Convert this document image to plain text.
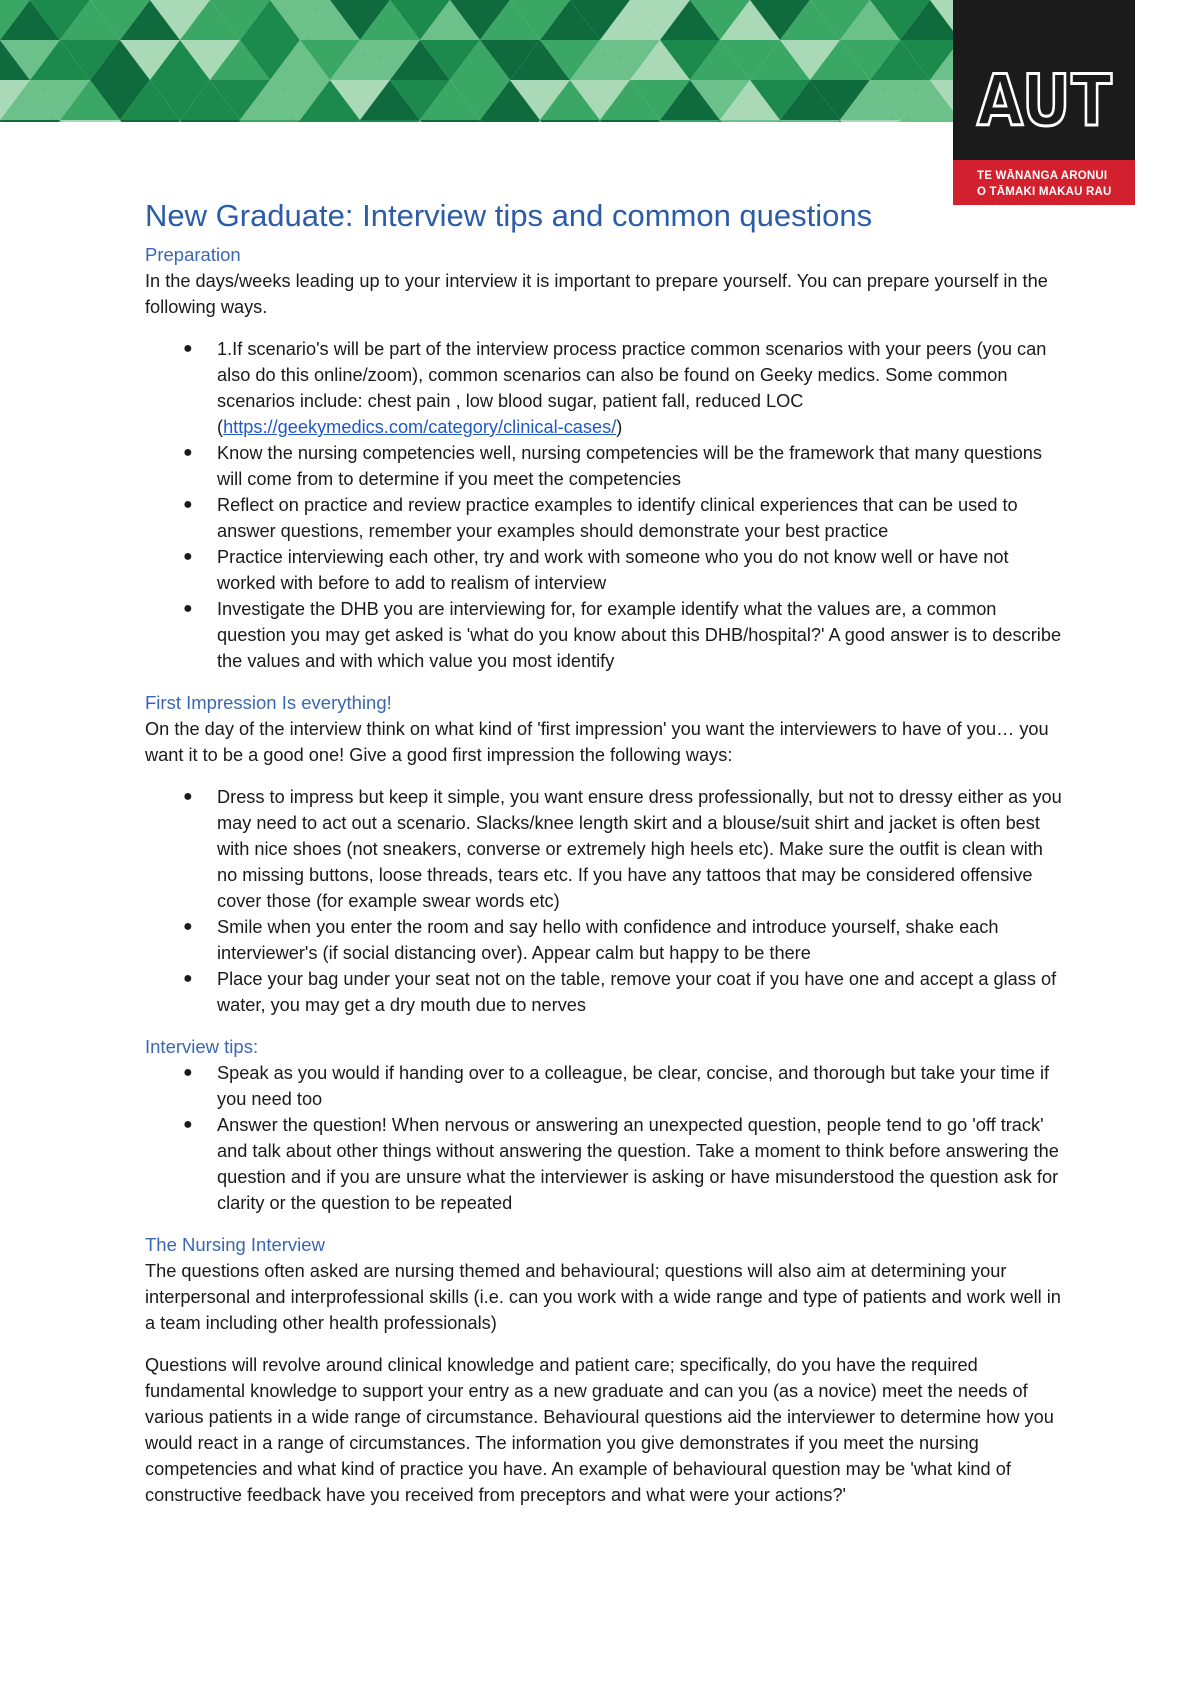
AUT
TE WĀNANGA ARONUI
O TĀMAKI MAKAU RAU
New Graduate: Interview tips and common questions
Preparation

In the days/weeks leading up to your interview it is important to prepare yourself. You can prepare yourself in the following ways.

● 1.If scenario's will be part of the interview process practice common scenarios with your peers (you can also do this online/zoom), common scenarios can also be found on Geeky medics. Some common scenarios include: chest pain , low blood sugar, patient fall, reduced LOC (https://geekymedics.com/category/clinical-cases/)
● Know the nursing competencies well, nursing competencies will be the framework that many questions will come from to determine if you meet the competencies
● Reflect on practice and review practice examples to identify clinical experiences that can be used to answer questions, remember your examples should demonstrate your best practice
● Practice interviewing each other, try and work with someone who you do not know well or have not worked with before to add to realism of interview
● Investigate the DHB you are interviewing for, for example identify what the values are, a common question you may get asked is 'what do you know about this DHB/hospital?' A good answer is to describe the values and with which value you most identify
First Impression Is everything!

On the day of the interview think on what kind of 'first impression' you want the interviewers to have of you… you want it to be a good one! Give a good first impression the following ways:

● Dress to impress but keep it simple, you want ensure dress professionally, but not to dressy either as you may need to act out a scenario. Slacks/knee length skirt and a blouse/suit shirt and jacket is often best with nice shoes (not sneakers, converse or extremely high heels etc). Make sure the outfit is clean with no missing buttons, loose threads, tears etc. If you have any tattoos that may be considered offensive cover those (for example swear words etc)
● Smile when you enter the room and say hello with confidence and introduce yourself, shake each interviewer's (if social distancing over). Appear calm but happy to be there
● Place your bag under your seat not on the table, remove your coat if you have one and accept a glass of water, you may get a dry mouth due to nerves
Interview tips:
● Speak as you would if handing over to a colleague, be clear, concise, and thorough but take your time if you need too
● Answer the question! When nervous or answering an unexpected question, people tend to go 'off track' and talk about other things without answering the question. Take a moment to think before answering the question and if you are unsure what the interviewer is asking or have misunderstood the question ask for clarity or the question to be repeated
The Nursing Interview

The questions often asked are nursing themed and behavioural; questions will also aim at determining your interpersonal and interprofessional skills (i.e. can you work with a wide range and type of patients and work well in a team including other health professionals)

Questions will revolve around clinical knowledge and patient care; specifically, do you have the required fundamental knowledge to support your entry as a new graduate and can you (as a novice) meet the needs of various patients in a wide range of circumstance. Behavioural questions aid the interviewer to determine how you would react in a range of circumstances. The information you give demonstrates if you meet the nursing competencies and what kind of practice you have. An example of behavioural question may be 'what kind of constructive feedback have you received from preceptors and what were your actions?'
